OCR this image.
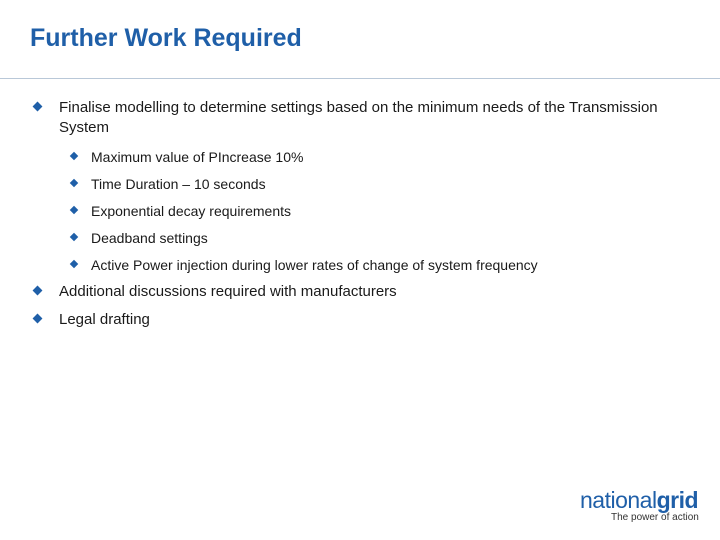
Further Work Required
Finalise modelling to determine settings based on the minimum needs of the Transmission System
Maximum value of PIncrease 10%
Time Duration – 10 seconds
Exponential decay requirements
Deadband settings
Active Power injection during lower rates of change of system frequency
Additional discussions required with manufacturers
Legal drafting
nationalgrid
The power of action
